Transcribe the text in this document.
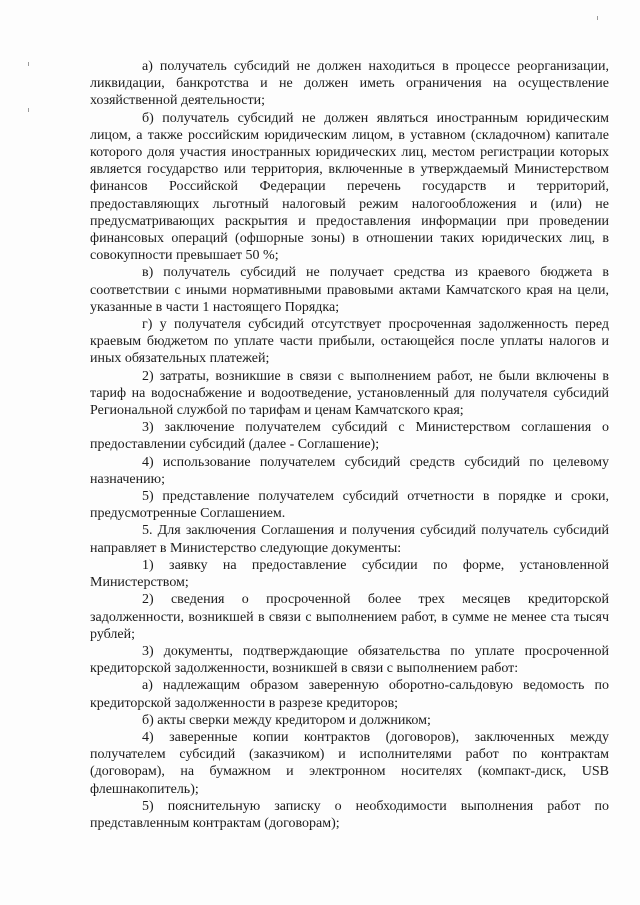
а) получатель субсидий не должен находиться в процессе реорганизации, ликвидации, банкротства и не должен иметь ограничения на осуществление хозяйственной деятельности;

б) получатель субсидий не должен являться иностранным юридическим лицом, а также российским юридическим лицом, в уставном (складочном) капитале которого доля участия иностранных юридических лиц, местом регистрации которых является государство или территория, включенные в утверждаемый Министерством финансов Российской Федерации перечень государств и территорий, предоставляющих льготный налоговый режим налогообложения и (или) не предусматривающих раскрытия и предоставления информации при проведении финансовых операций (офшорные зоны) в отношении таких юридических лиц, в совокупности превышает 50 %;

в) получатель субсидий не получает средства из краевого бюджета в соответствии с иными нормативными правовыми актами Камчатского края на цели, указанные в части 1 настоящего Порядка;

г) у получателя субсидий отсутствует просроченная задолженность перед краевым бюджетом по уплате части прибыли, остающейся после уплаты налогов и иных обязательных платежей;

2) затраты, возникшие в связи с выполнением работ, не были включены в тариф на водоснабжение и водоотведение, установленный для получателя субсидий Региональной службой по тарифам и ценам Камчатского края;

3) заключение получателем субсидий с Министерством соглашения о предоставлении субсидий (далее - Соглашение);

4) использование получателем субсидий средств субсидий по целевому назначению;

5) представление получателем субсидий отчетности в порядке и сроки, предусмотренные Соглашением.

5. Для заключения Соглашения и получения субсидий получатель субсидий направляет в Министерство следующие документы:

1) заявку на предоставление субсидии по форме, установленной Министерством;

2) сведения о просроченной более трех месяцев кредиторской задолженности, возникшей в связи с выполнением работ, в сумме не менее ста тысяч рублей;

3) документы, подтверждающие обязательства по уплате просроченной кредиторской задолженности, возникшей в связи с выполнением работ:

а) надлежащим образом заверенную оборотно-сальдовую ведомость по кредиторской задолженности в разрезе кредиторов;

б) акты сверки между кредитором и должником;

4) заверенные копии контрактов (договоров), заключенных между получателем субсидий (заказчиком) и исполнителями работ по контрактам (договорам), на бумажном и электронном носителях (компакт-диск, USB флешнакопитель);

5) пояснительную записку о необходимости выполнения работ по представленным контрактам (договорам);
